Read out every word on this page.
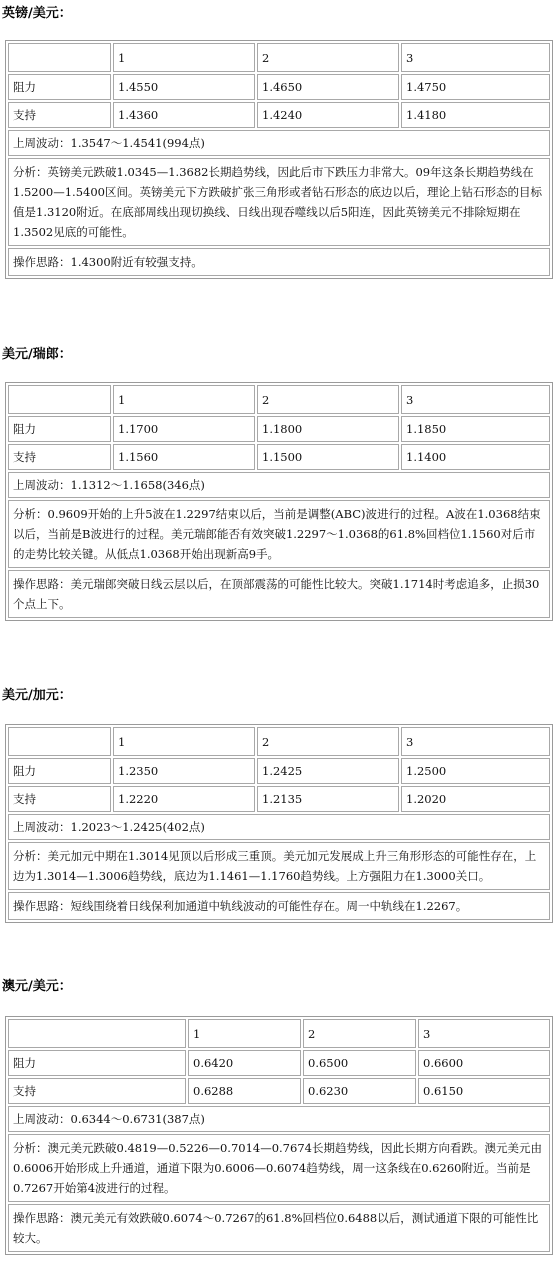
英镑/美元：
	1	2	3
阻力	1.4550	1.4650	1.4750
支持	1.4360	1.4240	1.4180
上周波动：1.3547～1.4541(994点)			
分析：英镑美元跌破1.0345—1.3682长期趋势线，因此后市下跌压力非常大。09年这条长期趋势线在1.5200—1.5400区间。英镑美元下方跌破扩张三角形或者钻石形态的底边以后，理论上钻石形态的目标值是1.3120附近。在底部周线出现切换线、日线出现吞噬线以后5阳连，因此英镑美元不排除短期在1.3502见底的可能性。			
操作思路：1.4300附近有较强支持。			
美元/瑞郎：
	1	2	3
阻力	1.1700	1.1800	1.1850
支持	1.1560	1.1500	1.1400
上周波动：1.1312～1.1658(346点)			
分析：0.9609开始的上升5波在1.2297结束以后，当前是调整(ABC)波进行的过程。A波在1.0368结束以后，当前是B波进行的过程。美元瑞郎能否有效突破1.2297～1.0368的61.8%回档位1.1560对后市的走势比较关键。从低点1.0368开始出现新高9手。			
操作思路：美元瑞郎突破日线云层以后，在顶部震荡的可能性比较大。突破1.1714时考虑追多，止损30个点上下。			
美元/加元：
	1	2	3
阻力	1.2350	1.2425	1.2500
支持	1.2220	1.2135	1.2020
上周波动：1.2023～1.2425(402点)			
分析：美元加元中期在1.3014见顶以后形成三重顶。美元加元发展成上升三角形形态的可能性存在，上边为1.3014—1.3006趋势线，底边为1.1461—1.1760趋势线。上方强阻力在1.3000关口。			
操作思路：短线围绕着日线保利加通道中轨线波动的可能性存在。周一中轨线在1.2267。			
澳元/美元：
	1	2	3
阻力	0.6420	0.6500	0.6600
支持	0.6288	0.6230	0.6150
上周波动：0.6344～0.6731(387点)			
分析：澳元美元跌破0.4819—0.5226—0.7014—0.7674长期趋势线，因此长期方向看跌。澳元美元由0.6006开始形成上升通道，通道下限为0.6006—0.6074趋势线，周一这条线在0.6260附近。当前是0.7267开始第4波进行的过程。			
操作思路：澳元美元有效跌破0.6074～0.7267的61.8%回档位0.6488以后，测试通道下限的可能性比较大。			
